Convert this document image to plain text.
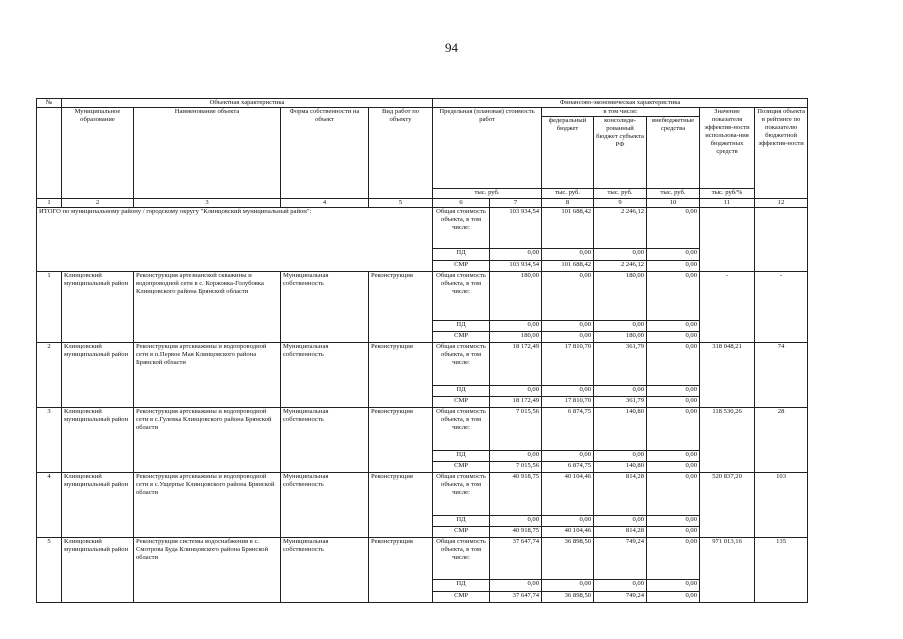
94
№	Объектная характеристика				Финансово-экономическая характеристика						
	Муниципальное образование	Наименование объекта	Форма собственности на объект	Вид работ по объекту	Предельная (плановая) стоимость работ		в том числе:			Значение показателя эффектив-ности использова-ния бюджетных средств	Позиция объекта в рейтинге по показателю бюджетной эффектив-ности
							федеральный бюджет	консолиди-рованный бюджет субъекта РФ	внебюджетные средства		
					тыс. руб.		тыс. руб.	тыс. руб.	тыс. руб.	тыс. руб/%	
1	2	3	4	5	6	7	8	9	10	11	12
ИТОГО по муниципальному району / городскому округу "Клинцовский муниципальный район":					Общая стоимость объекта, в том числе:	103 934,54	101 688,42	2 246,12	0,00		
					ПД	0,00	0,00	0,00	0,00		
					СМР	103 934,54	101 688,42	2 246,12	0,00		
1	Клинцовский муниципальный район	Реконструкция артезианской скважины и водопроводной сети в с. Коржовка-Голубовка Клинцовского района Брянской области	Муниципальная собственность	Реконструкция	Общая стоимость объекта, в том числе:	180,00	0,00	180,00	0,00	-	-
					ПД	0,00	0,00	0,00	0,00		
					СМР	180,00	0,00	180,00	0,00		
2	Клинцовский муниципальный район	Реконструкция артскважины и водопроводной сети в п.Первое Мая Клинцовского района Брянской области	Муниципальная собственность	Реконструкция	Общая стоимость объекта, в том числе:	18 172,49	17 810,70	361,79	0,00	318 048,21	74
					ПД	0,00	0,00	0,00	0,00		
					СМР	18 172,49	17 810,70	361,79	0,00		
3	Клинцовский муниципальный район	Реконструкция артскважины и водопроводной сети в с.Гулевка Клинцовского района Брянской области	Муниципальная собственность	Реконструкция	Общая стоимость объекта, в том числе:	7 015,56	6 874,75	140,80	0,00	118 530,26	28
					ПД	0,00	0,00	0,00	0,00		
					СМР	7 015,56	6 874,75	140,80	0,00		
4	Клинцовский муниципальный район	Реконструкция артскважины и водопроводной сети в с.Ущерпье Клинцовского района Брянской области	Муниципальная собственность	Реконструкция	Общая стоимость объекта, в том числе:	40 918,75	40 104,46	814,28	0,00	520 837,20	103
					ПД	0,00	0,00	0,00	0,00		
					СМР	40 918,75	40 104,46	814,28	0,00		
5	Клинцовский муниципальный район	Реконструкция системы водоснабжения в с. Смотрова Буда Клинцовского района Брянской области	Муниципальная собственность	Реконструкция	Общая стоимость объекта, в том числе:	37 647,74	36 898,50	749,24	0,00	971 013,16	135
					ПД	0,00	0,00	0,00	0,00		
					СМР	37 647,74	36 898,50	749,24	0,00		
